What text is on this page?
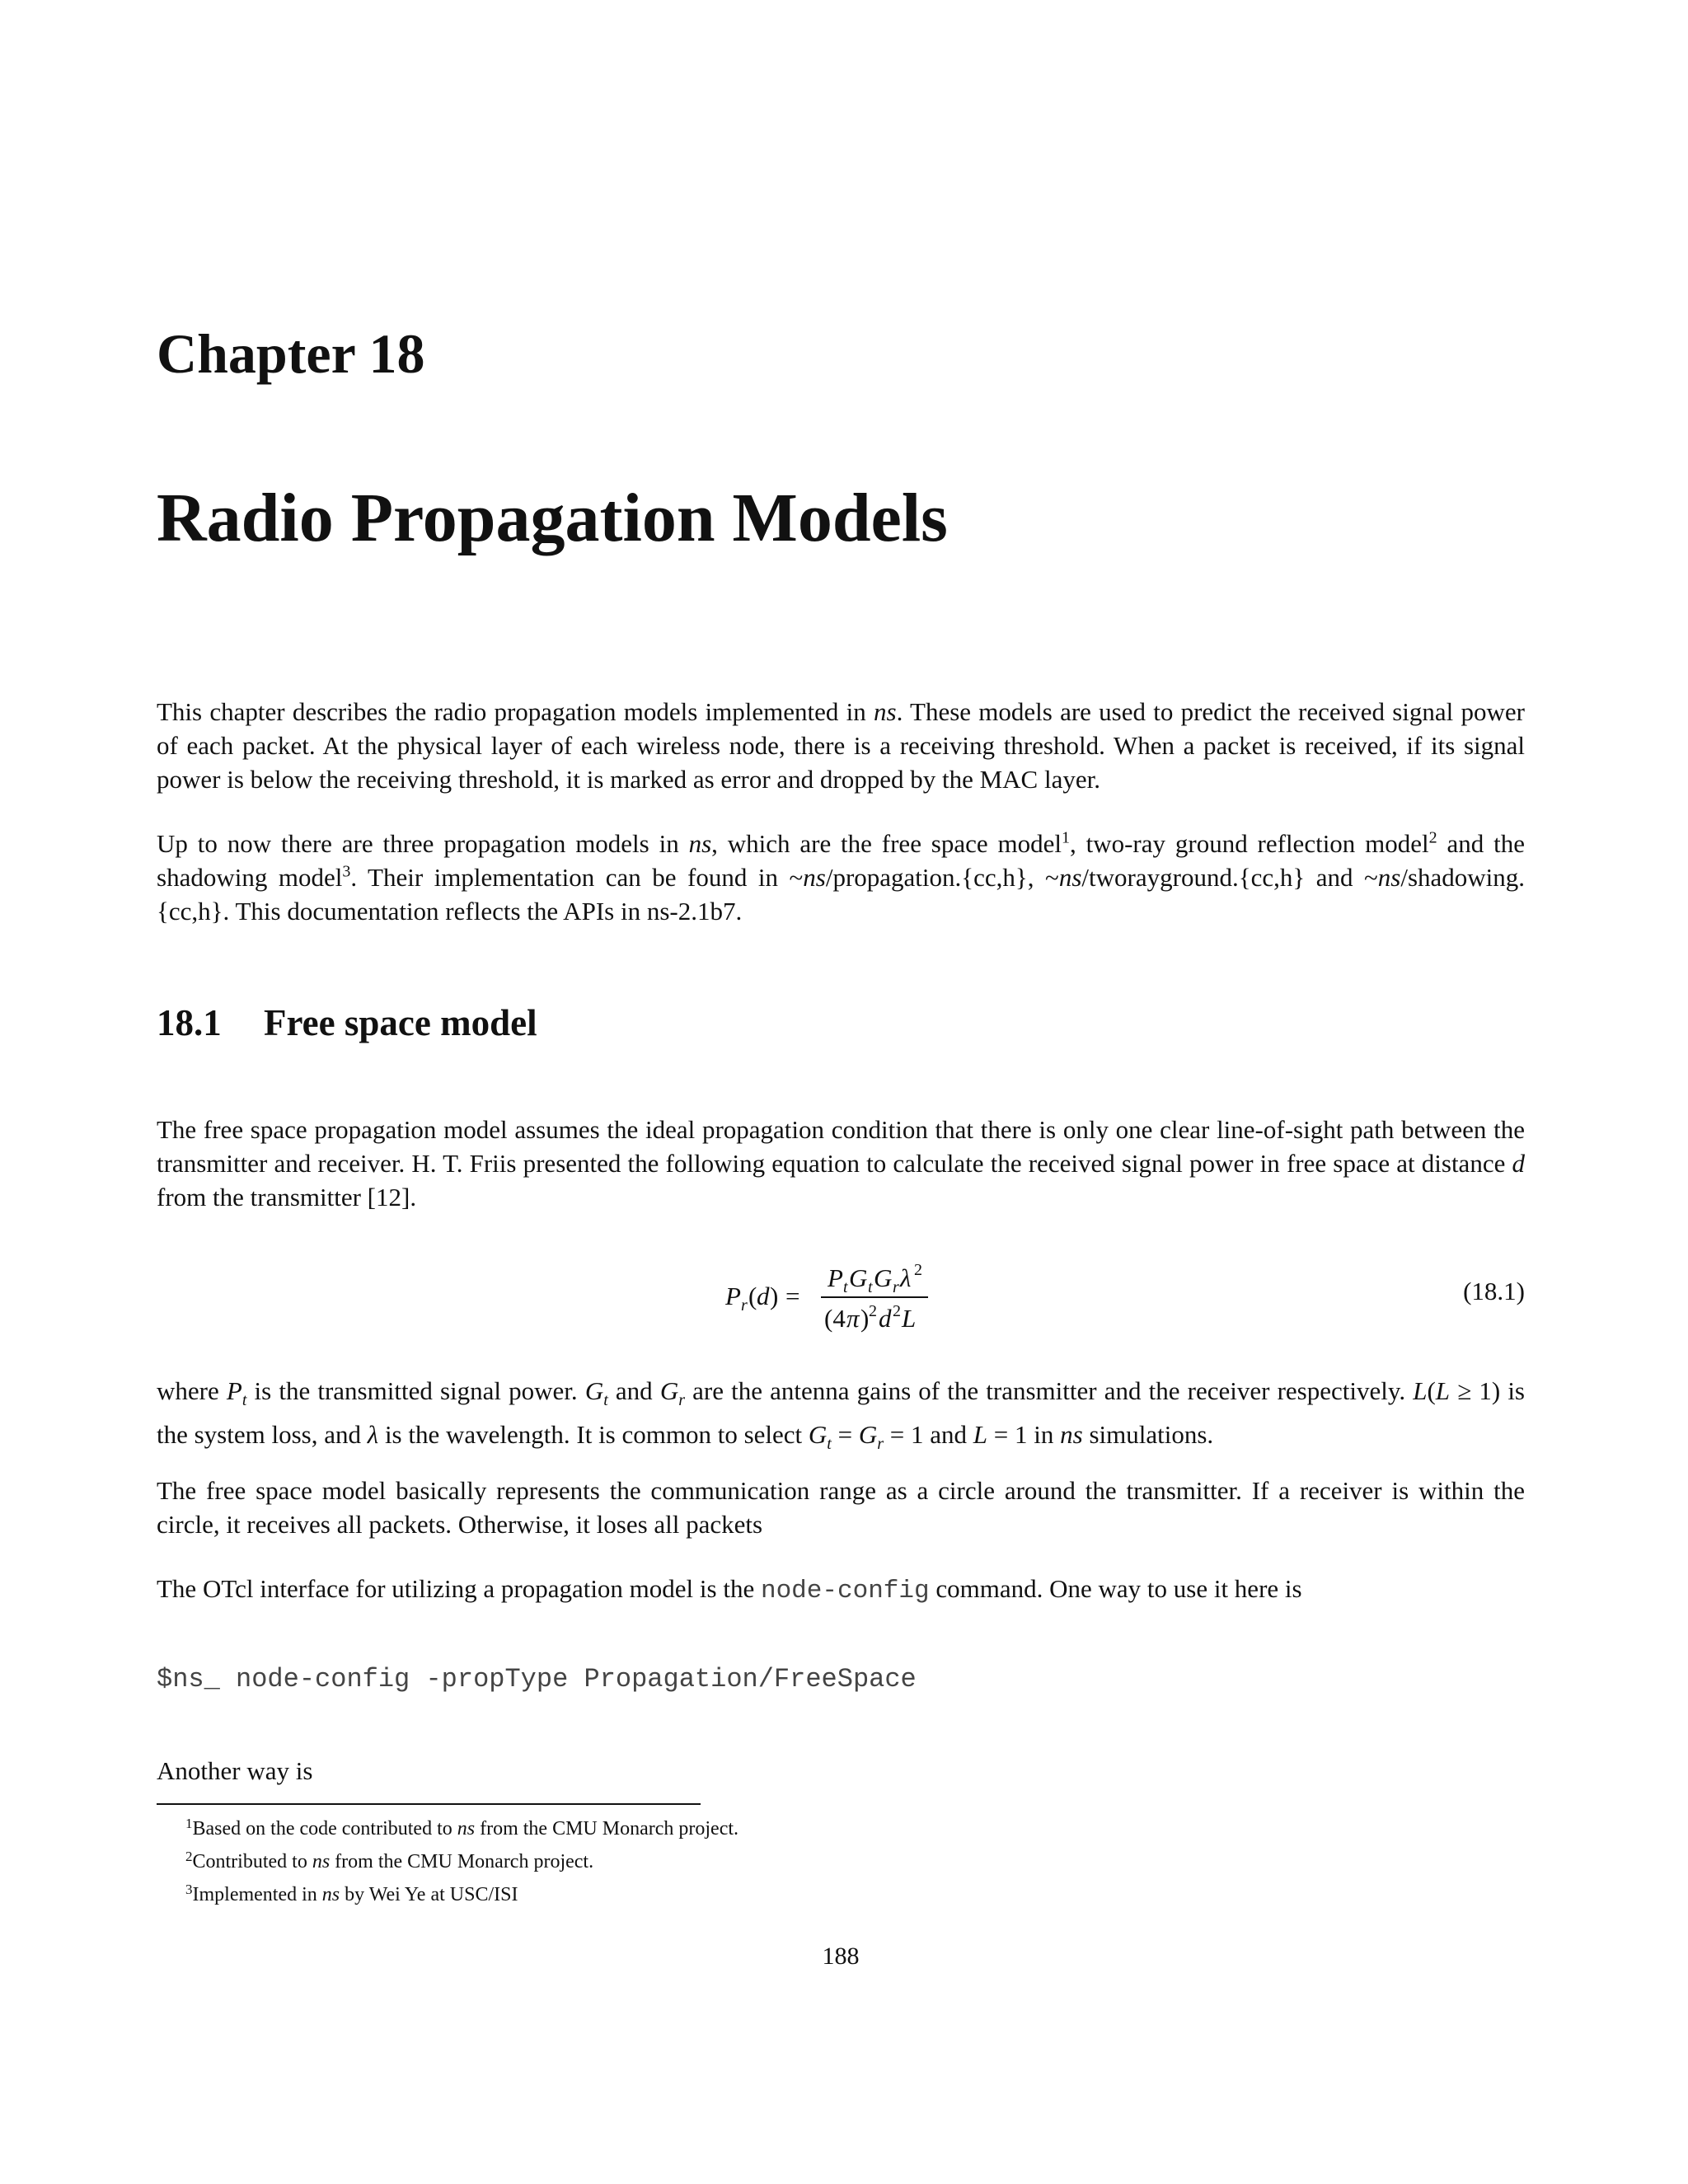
Chapter 18
Radio Propagation Models

This chapter describes the radio propagation models implemented in ns. These models are used to predict the received signal power of each packet. At the physical layer of each wireless node, there is a receiving threshold. When a packet is received, if its signal power is below the receiving threshold, it is marked as error and dropped by the MAC layer.

Up to now there are three propagation models in ns, which are the free space model$^1$, two-ray ground reflection model$^2$ and the shadowing model$^3$. Their implementation can be found in ~ns/propagation.{cc,h}, ~ns/tworayground.{cc,h} and ~ns/shadowing.{cc,h}. This documentation reflects the APIs in ns-2.1b7.

18.1 Free space model

The free space propagation model assumes the ideal propagation condition that there is only one clear line-of-sight path between the transmitter and receiver. H. T. Friis presented the following equation to calculate the received signal power in free space at distance d from the transmitter [12].

P r ( d ) =
P t G t G r λ 2
(4 π ) 2 d 2 L
(18.1)

where $P_t$ is the transmitted signal power. $G_t$ and $G_r$ are the antenna gains of the transmitter and the receiver respectively. L(L ≥ 1) is the system loss, and λ is the wavelength. It is common to select $G_t = G_r = 1$ and L = 1 in ns simulations.

The free space model basically represents the communication range as a circle around the transmitter. If a receiver is within the circle, it receives all packets. Otherwise, it loses all packets

The OTcl interface for utilizing a propagation model is the node-config command. One way to use it here is

$ns_ node-config -propType Propagation/FreeSpace

Another way is

$^1$Based on the code contributed to ns from the CMU Monarch project.
$^2$Contributed to ns from the CMU Monarch project.
$^3$Implemented in ns by Wei Ye at USC/ISI
188
